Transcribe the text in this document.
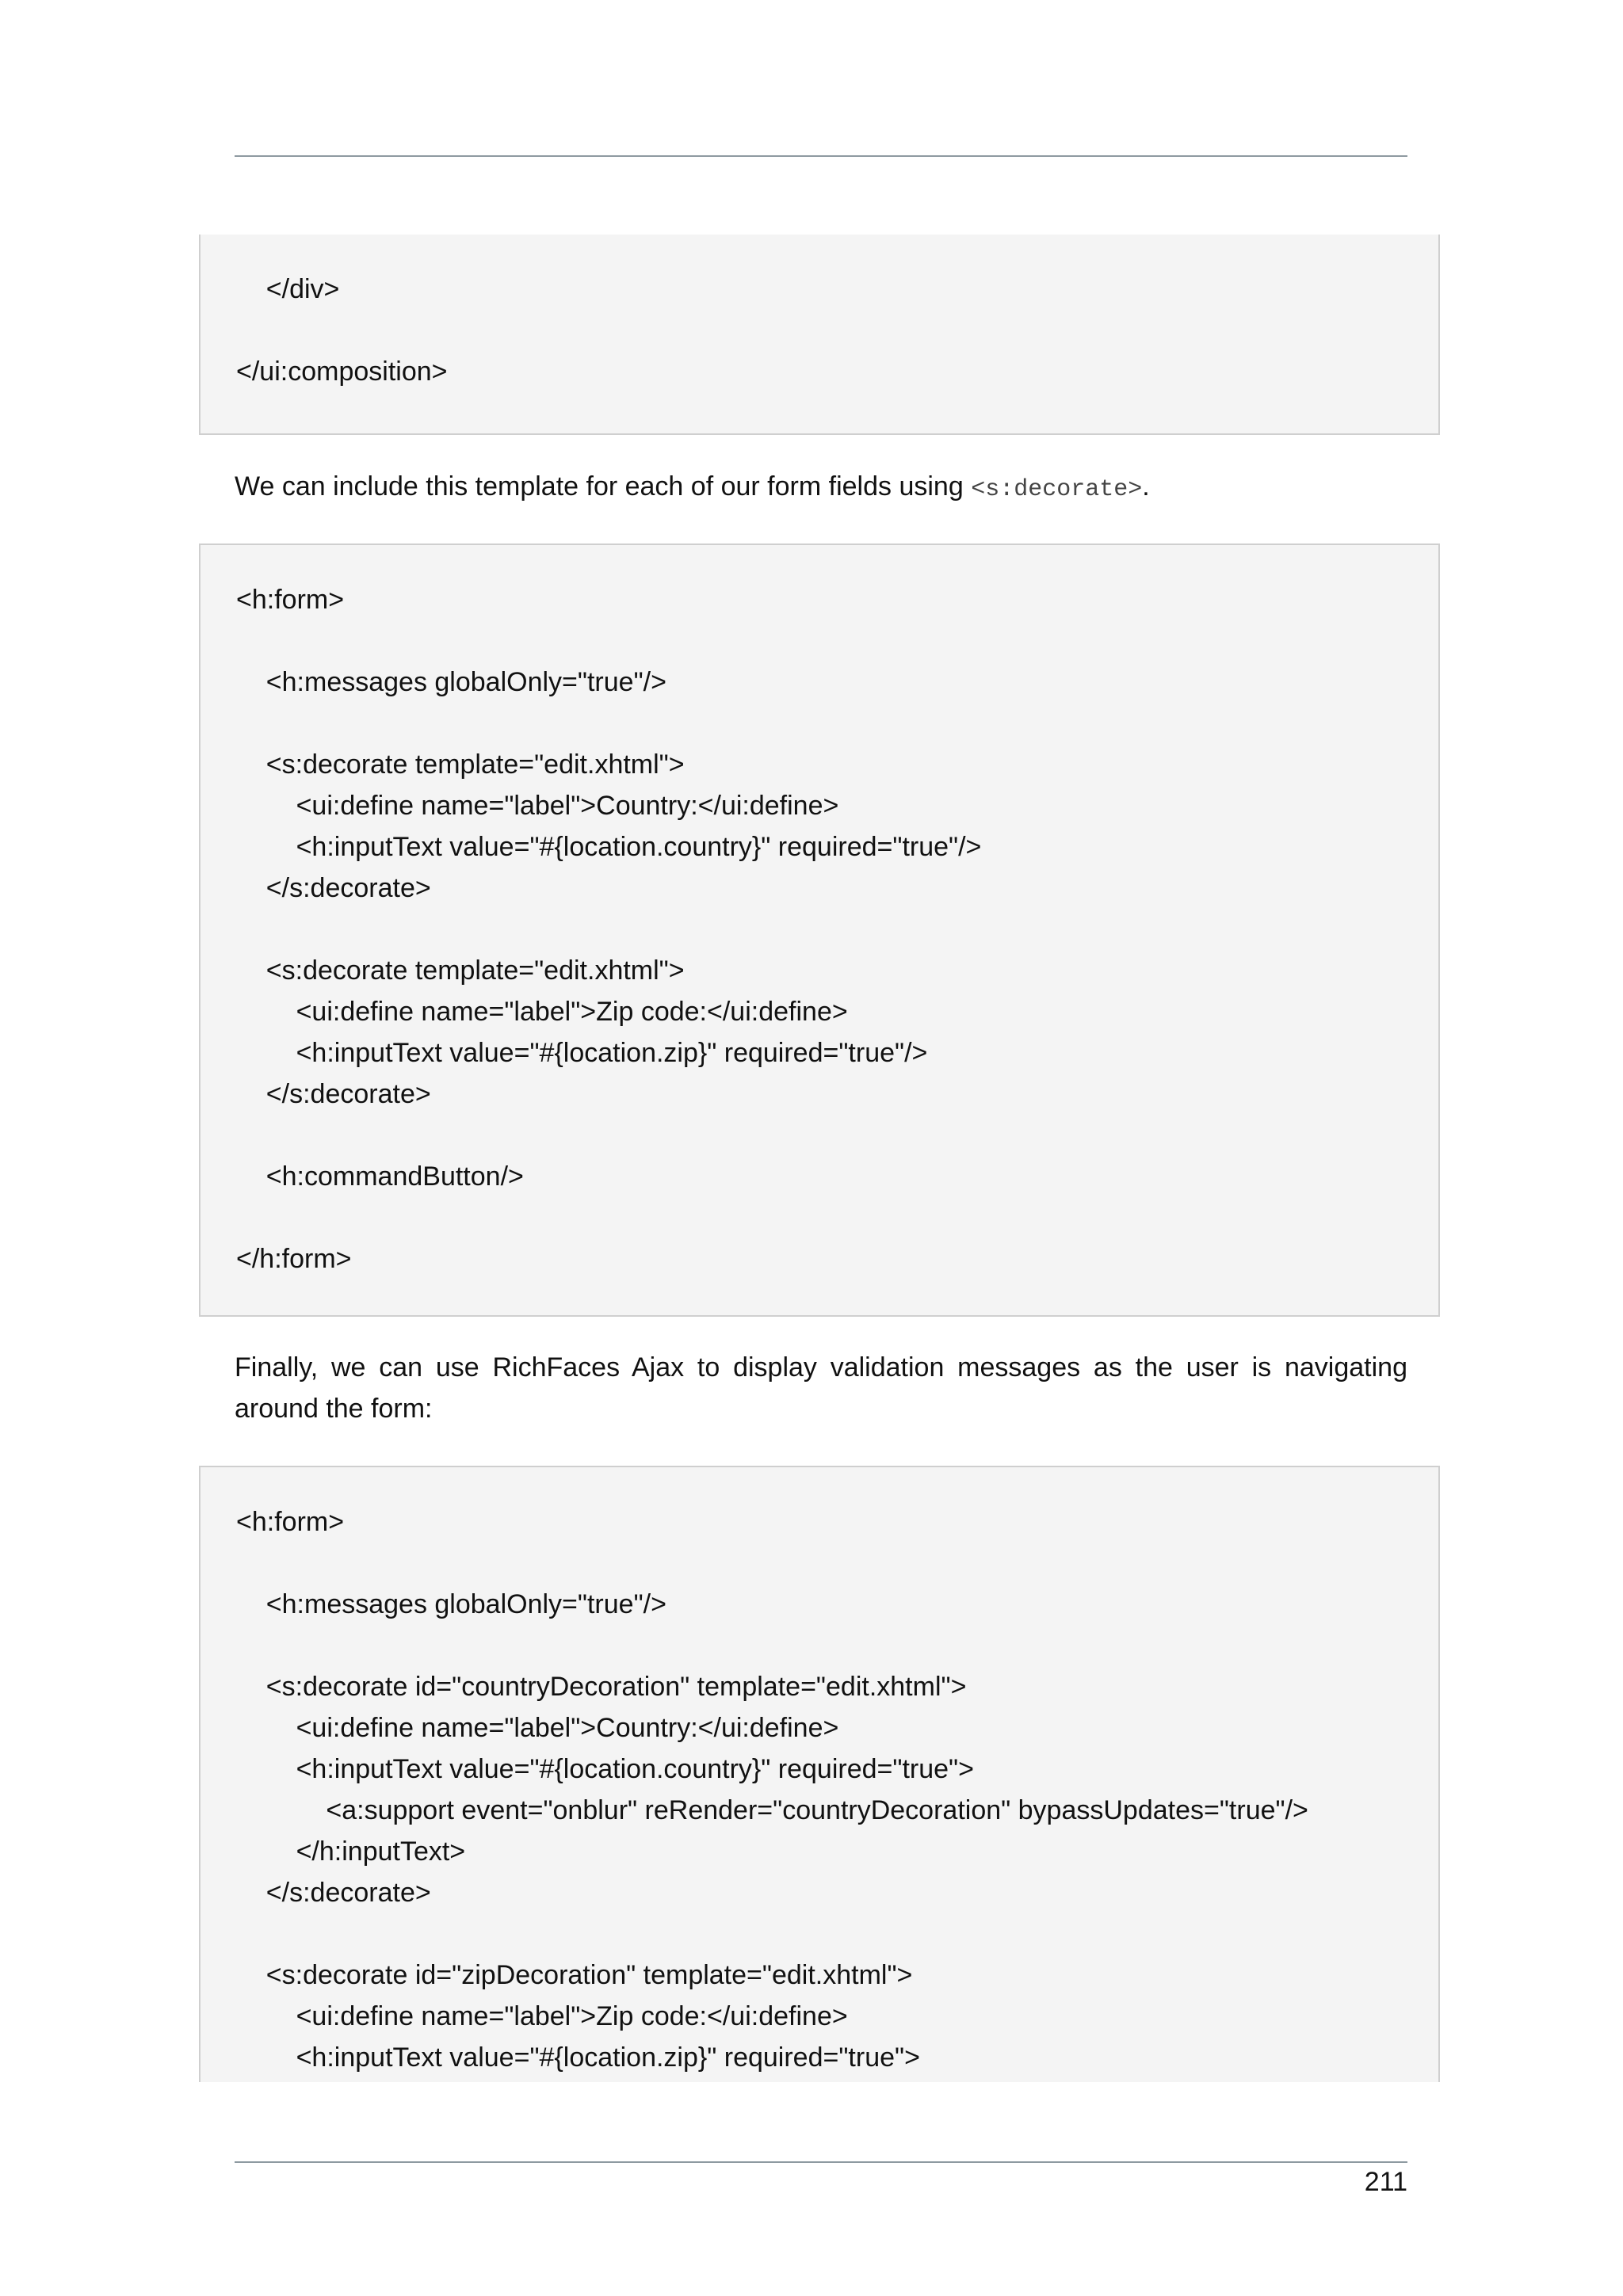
</div>
</ui:composition>
We can include this template for each of our form fields using <s:decorate>.
<h:form>
<h:messages globalOnly="true"/>
<s:decorate template="edit.xhtml">
<ui:define name="label">Country:</ui:define>
<h:inputText value="#{location.country}" required="true"/>
</s:decorate>
<s:decorate template="edit.xhtml">
<ui:define name="label">Zip code:</ui:define>
<h:inputText value="#{location.zip}" required="true"/>
</s:decorate>
<h:commandButton/>
</h:form>
Finally, we can use RichFaces Ajax to display validation messages as the user is navigating around the form:
<h:form>
<h:messages globalOnly="true"/>
<s:decorate id="countryDecoration" template="edit.xhtml">
<ui:define name="label">Country:</ui:define>
<h:inputText value="#{location.country}" required="true">
<a:support event="onblur" reRender="countryDecoration" bypassUpdates="true"/>
</h:inputText>
</s:decorate>
<s:decorate id="zipDecoration" template="edit.xhtml">
<ui:define name="label">Zip code:</ui:define>
<h:inputText value="#{location.zip}" required="true">
211
